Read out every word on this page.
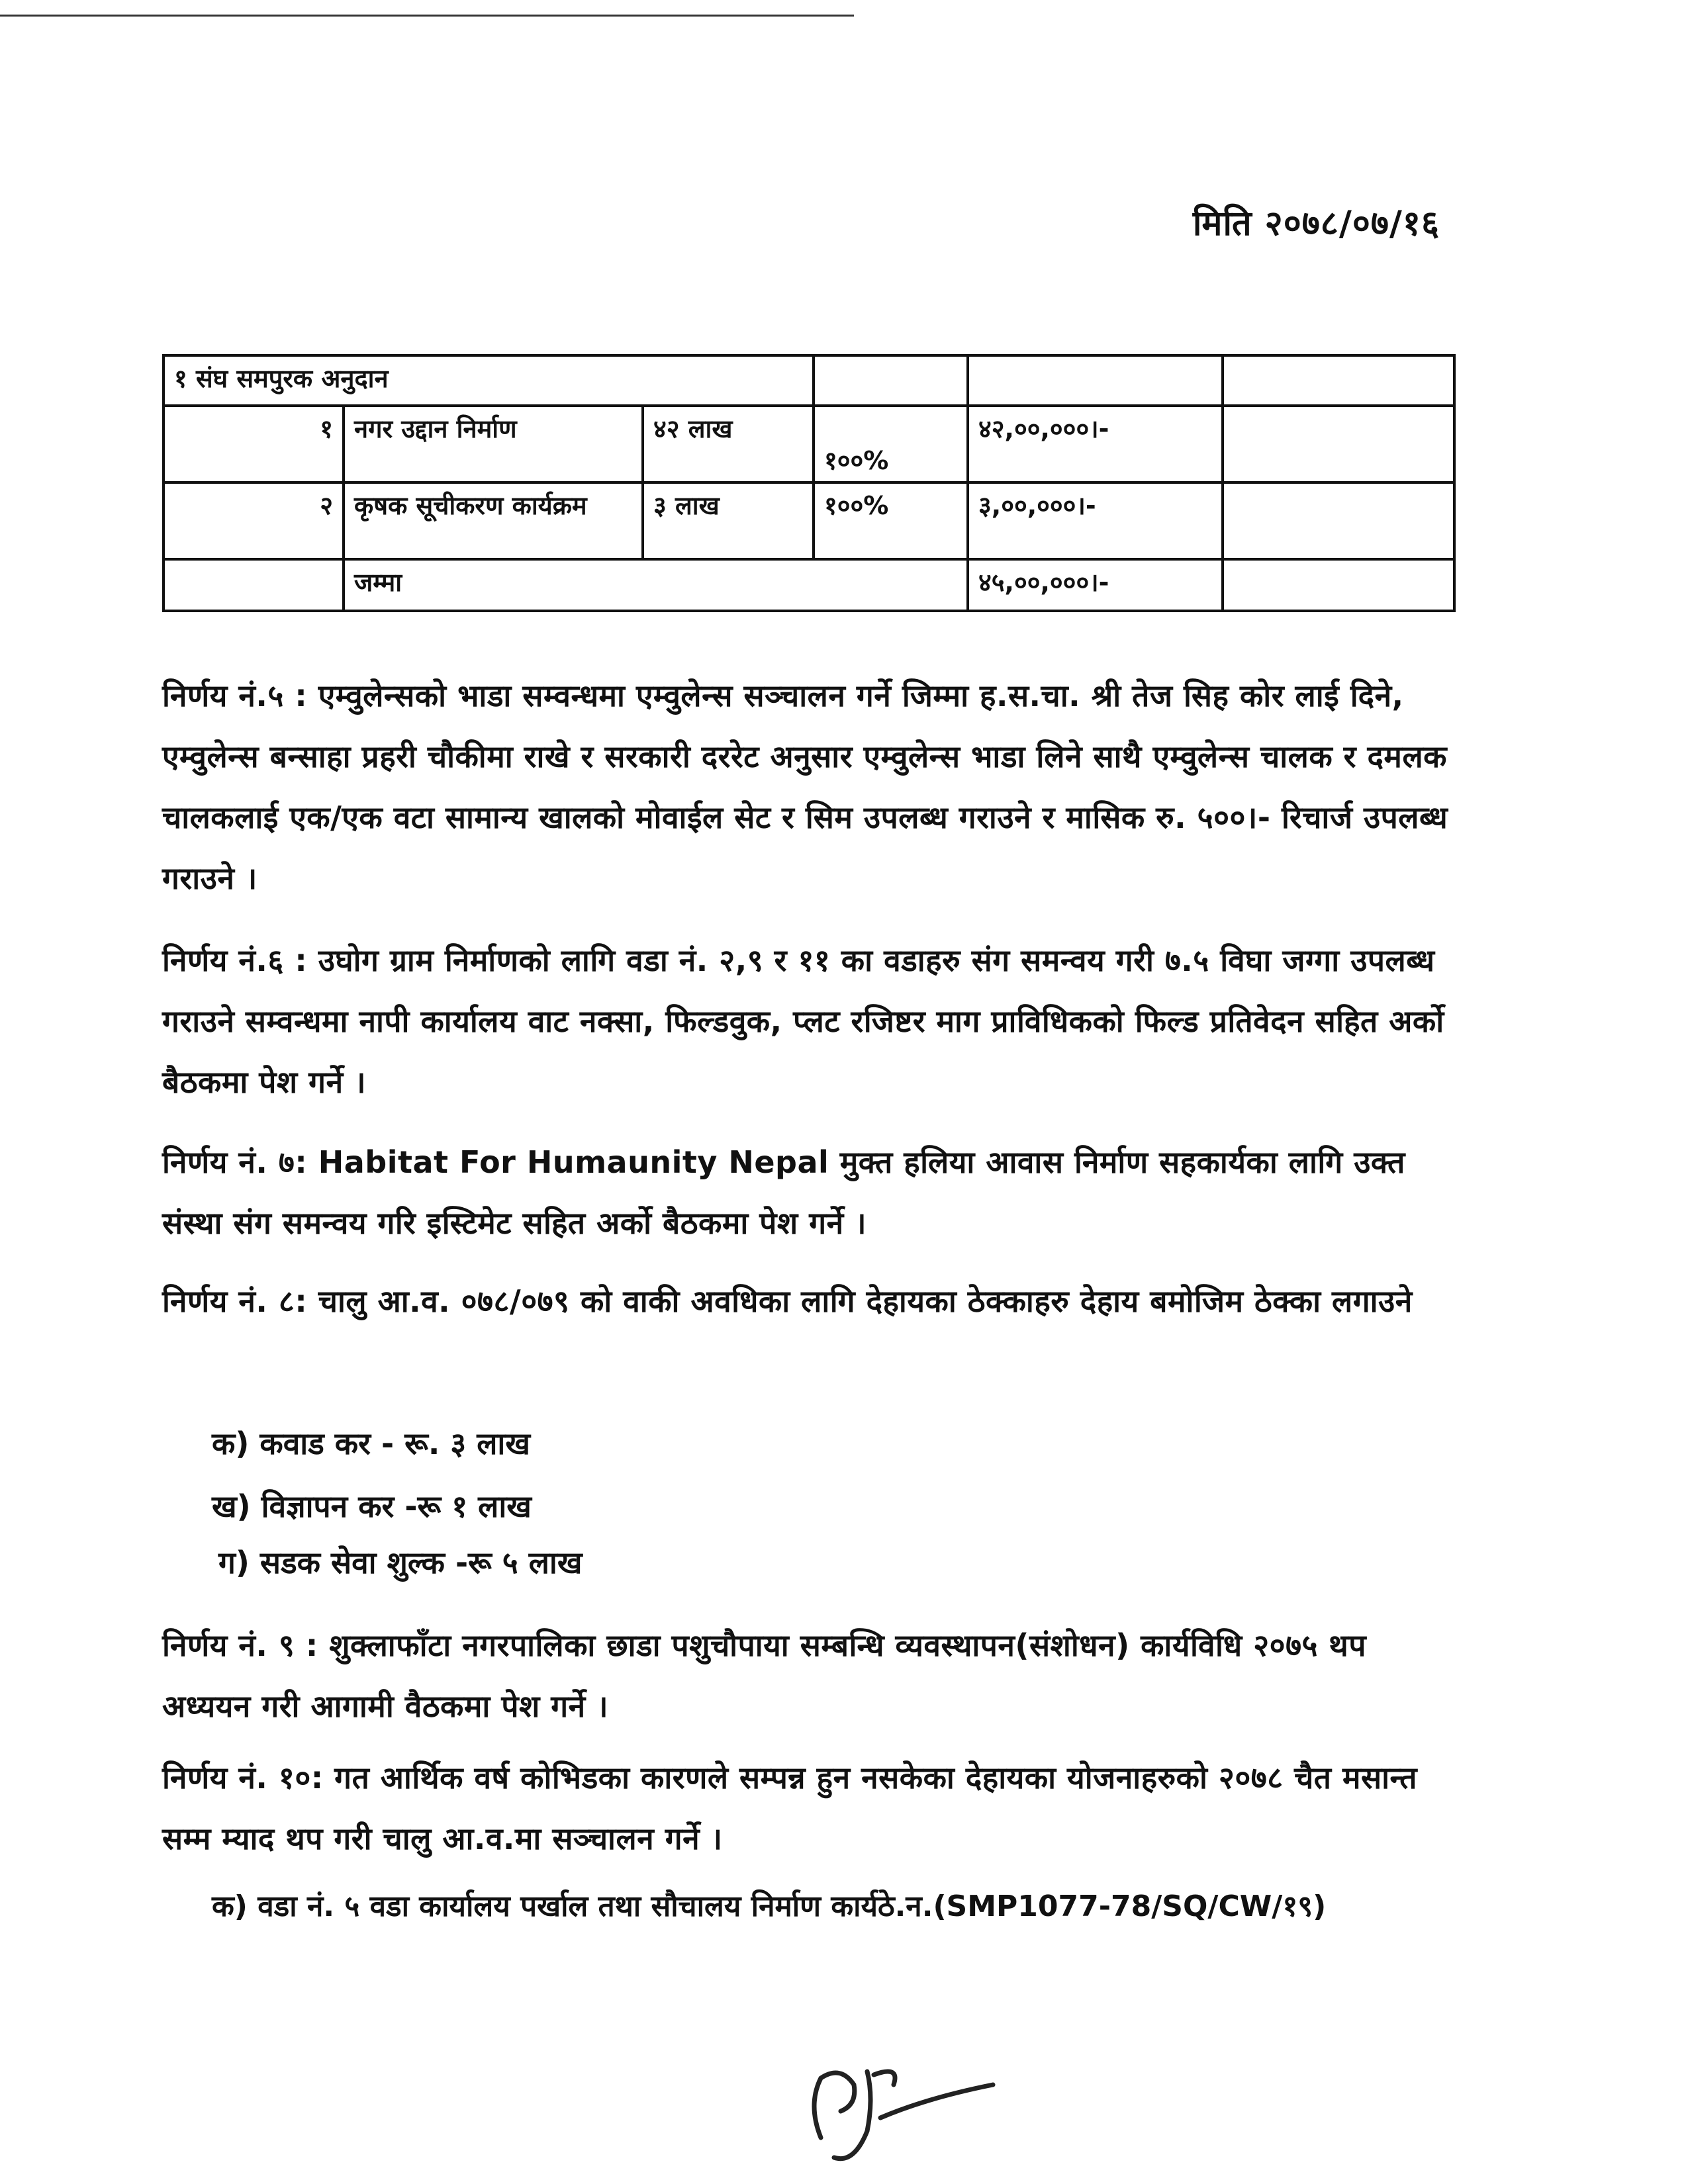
मिति २०७८/०७/१६
१ संघ समपुरक अनुदान					
१	नगर उद्दान निर्माण	४२ लाख	१००%	४२,००,०००।-	
२	कृषक सूचीकरण कार्यक्रम	३ लाख	१००%	३,००,०००।-	
	जम्मा			४५,००,०००।-	
निर्णय नं.५ : एम्वुलेन्सको भाडा सम्वन्धमा एम्वुलेन्स सञ्चालन गर्ने जिम्मा ह.स.चा. श्री तेज सिह कोर लाई दिने, एम्वुलेन्स बन्साहा प्रहरी चौकीमा राखे र सरकारी दररेट अनुसार एम्वुलेन्स भाडा लिने साथै एम्वुलेन्स चालक र दमलक चालकलाई एक/एक वटा सामान्य खालको मोवाईल सेट र सिम उपलब्ध गराउने र मासिक रु. ५००।- रिचार्ज उपलब्ध गराउने ।
निर्णय नं.६ : उघोग ग्राम निर्माणको लागि वडा नं. २,९ र ११ का वडाहरु संग समन्वय गरी ७.५ विघा जग्गा उपलब्ध गराउने सम्वन्धमा नापी कार्यालय वाट नक्सा, फिल्डवुक, प्लट रजिष्टर माग प्राविधिकको फिल्ड प्रतिवेदन सहित अर्को बैठकमा पेश गर्ने ।
निर्णय नं. ७: Habitat For Humaunity Nepal मुक्त हलिया आवास निर्माण सहकार्यका लागि उक्त संस्था संग समन्वय गरि इस्टिमेट सहित अर्को बैठकमा पेश गर्ने ।
निर्णय नं. ८: चालु आ.व. ०७८/०७९ को वाकी अवधिका लागि देहायका ठेक्काहरु देहाय बमोजिम ठेक्का लगाउने
क) कवाड कर - रू. ३ लाख
ख) विज्ञापन कर -रू १ लाख
ग) सडक सेवा शुल्क -रू ५ लाख
निर्णय नं. ९ : शुक्लाफाँटा नगरपालिका छाडा पशुचौपाया सम्बन्धि व्यवस्थापन(संशोधन) कार्यविधि २०७५ थप अध्ययन गरी आगामी वैठकमा पेश गर्ने ।
निर्णय नं. १०: गत आर्थिक वर्ष कोभिडका कारणले सम्पन्न हुन नसकेका देहायका योजनाहरुको २०७८ चैत मसान्त सम्म म्याद थप गरी चालु आ.व.मा सञ्चालन गर्ने ।
क) वडा नं. ५ वडा कार्यालय पर्खाल तथा सौचालय निर्माण कार्यठे.न.(SMP1077-78/SQ/CW/१९)
